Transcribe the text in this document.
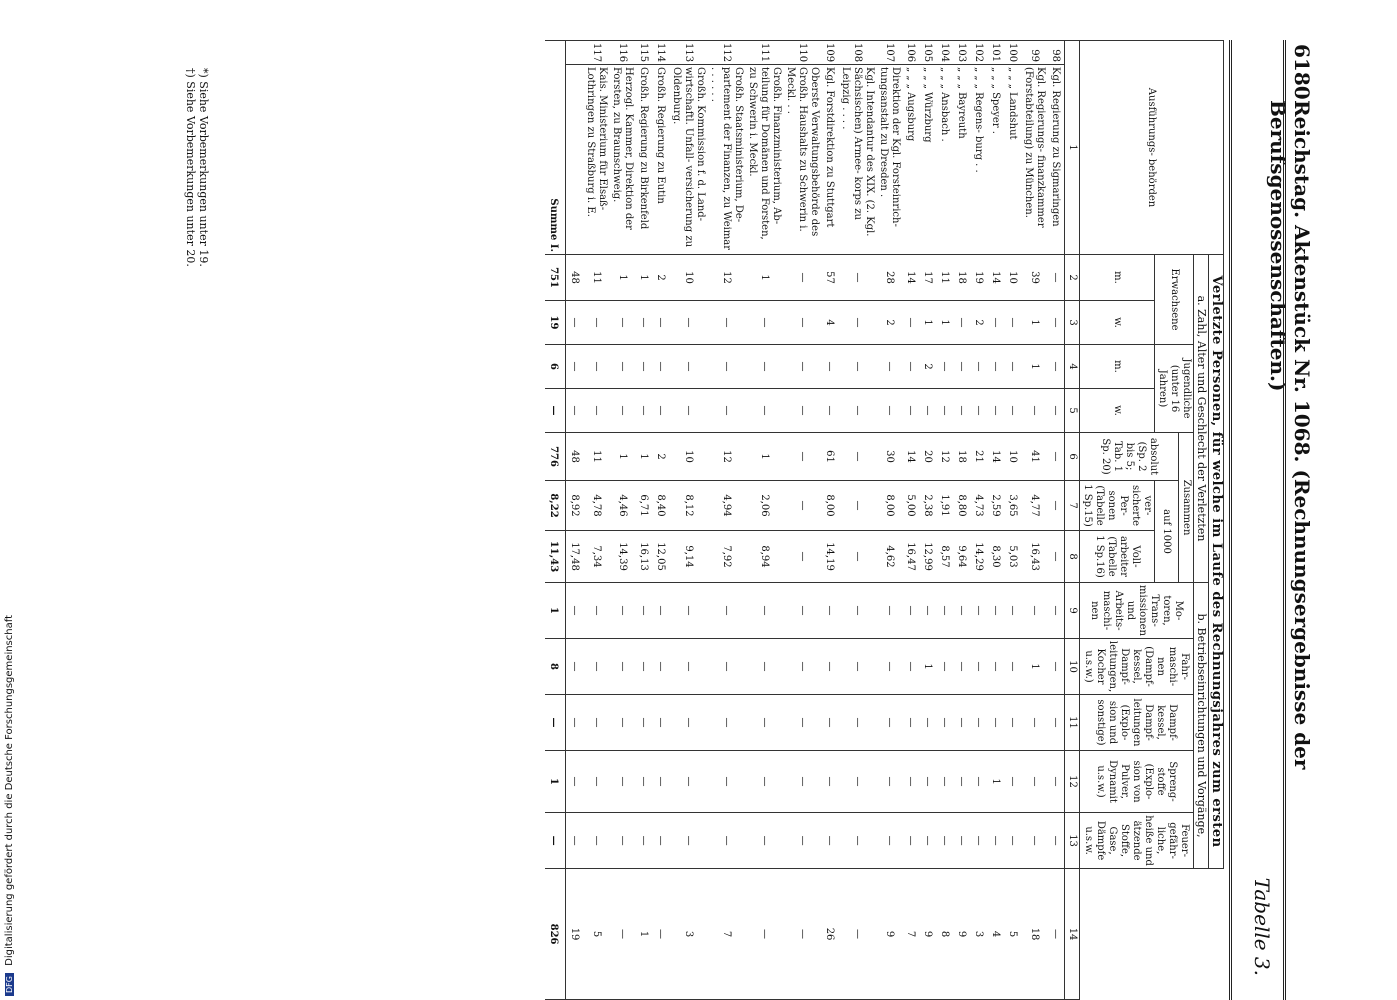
6180
Reichstag. Aktenstück Nr. 1068. (Rechnungsergebnisse der Berufsgenossenschaften.)
Tabelle 3.
Ausführungs- behörden		Verletzte Personen, für welche im Laufe des Rechnungsjahres zum ersten												
		a. Zahl, Alter und Geschlecht der Verletzten							b. Betriebseinrichtungen und Vorgänge,					
		Erwachsene		Jugendliche (unter 16 Jahren)		Zusammen			Mo- toren, Trans- missionen und Arbeits- maschi- nen	Fahr- maschi- nen (Dampf- kessel, Dampf- leitungen, Kocher u.s.w.)	Dampf- kessel, Dampf- leitungen (Explo- sion und sonstige)	Spreng- stoffe (Explo- sion von Pulver, Dynamit u.s.w.)	Feuer- gefähr- liche, heiße und ätzende Stoffe, Gase, Dämpfe u.s.w.	
						absolut (Sp. 2 bis 5; Tab. 1 Sp. 20)	auf 1000							
		m.	w.	m.	w.		ver- sicherte Per- sonen (Tabelle 1 Sp.15)	Voll- arbeiter (Tabelle 1 Sp.16)						
1		2	3	4	5	6	7	8	9	10	11	12	13	14
98	Kgl. Regierung zu Sigmaringen	—	—	—	—	—	—	—	—	—	—	—	—	—
99	Kgl. Regierungs- finanzkammer (Forstabteilung) zu München.	39	1	1	—	41	4,77	16,43	—	1	—	—	—	18
100	„ „ „ Landshut	10	—	—	—	10	3,65	5,03	—	—	—	—	—	5
101	„ „ „ Speyer .	14	—	—	—	14	2,59	8,30	—	—	—	1	—	4
102	„ „ „ Regens- burg . .	19	2	—	—	21	4,73	14,29	—	—	—	—	—	3
103	„ „ „ Bayreuth	18	—	—	—	18	8,80	9,64	—	—	—	—	—	9
104	„ „ „ Ansbach .	11	1	—	—	12	1,91	8,57	—	—	—	—	—	8
105	„ „ „ Würzburg	17	1	2	—	20	2,38	12,99	—	1	—	—	—	9
106	„ „ „ Augsburg	14	—	—	—	14	5,00	16,47	—	—	—	—	—	7
107	Direktion der Kgl. Forsteinrich- tungsanstalt zu Dresden .	28	2	—	—	30	8,00	4,62	—	—	—	—	—	9
108	Kgl. Intendantur des XIX. (2. Kgl. Sächsischen) Armee- korps zu Leipzig . . . .	—	—	—	—	—	—	—	—	—	—	—	—	—
109	Kgl. Forstdirektion zu Stuttgart	57	4	—	—	61	8,00	14,19	—	—	—	—	—	26
110	Oberste Verwaltungsbehörde des Großh. Haushalts zu Schwerin i. Meckl. . .	—	—	—	—	—	—	—	—	—	—	—	—	—
111	Großh. Finanzministerium, Ab- teilung für Domänen und Forsten, zu Schwerin i. Meckl.	1	—	—	—	1	2,06	8,94	—	—	—	—	—	—
112	Großh. Staatsministerium, De- partement der Finanzen, zu Weimar . . . . . .	12	—	—	—	12	4,94	7,92	—	—	—	—	—	7
113	Großh. Kommission f. d. Land- wirtschaftl. Unfall- versicherung zu Oldenburg.	10	—	—	—	10	8,12	9,14	—	—	—	—	—	3
114	Großh. Regierung zu Eutin	2	—	—	—	2	8,40	12,05	—	—	—	—	—	—
115	Großh. Regierung zu Birkenfeld	1	—	—	—	1	6,71	16,13	—	—	—	—	—	1
116	Herzogl. Kammer, Direktion der Forsten, zu Braunschweig.	1	—	—	—	1	4,46	14,39	—	—	—	—	—	—
117	Kais. Ministerium für Elsaß- Lothringen zu Straßburg i. E.	11	—	—	—	11	4,78	7,34	—	—	—	—	—	5
		48	—	—	—	48	8,92	17,48	—	—	—	—	—	19
Summe I.		751	19	6	—	776	8,22	11,43	1	8	—	1	—	826
*) Siehe Vorbemerkungen unter 19.
†) Siehe Vorbemerkungen unter 20.
DFG Digitalisierung gefördert durch die Deutsche Forschungsgemeinschaft
